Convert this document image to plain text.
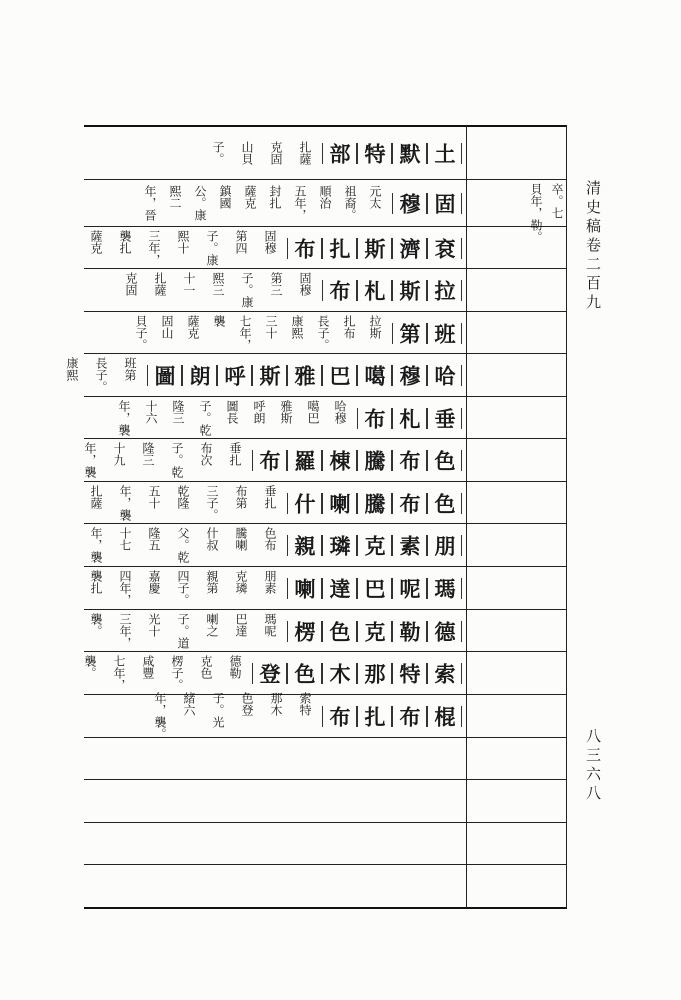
清史稿卷二百九
八三六八
卒。七
貝年，勒。
土
默
特
部
扎薩
克固
山貝
子。
固
穆
元太
祖裔。
順治
五年，
封扎
薩克
鎮國
公。康
熙二
年，晉
袞
濟
斯
扎
布
固穆
第四
子。康
熙十
三年，
襲扎
薩克
拉
斯
札
布
固穆
第三
子。康
熙三
十一
扎薩
克固
班
第
拉斯
扎布
長子。
康熙
三十
七年，
襲
薩克
固山
貝子。
哈
穆
噶
巴
雅
斯
呼
朗
圖
班第
長子。
康熙
垂
札
布
哈穆
噶巴
雅斯
呼朗
圖長
子。乾
隆三
十六
年，襲
色
布
騰
棟
羅
布
垂扎
布次
子。乾
隆三
十九
年，襲
色
布
騰
喇
什
垂扎
布第
三子。
乾隆
五十
年，襲
扎薩
朋
素
克
璘
親
色布
騰喇
什叔
父。乾
隆五
十七
年，襲
瑪
呢
巴
達
喇
朋素
克璘
親第
四子。
嘉慶
四年，
襲扎
德
勒
克
色
楞
瑪呢
巴達
喇之
子。道
光十
三年，
襲。
索
特
那
木
色
登
德勒
克色
楞子。
咸豐
七年，
襲。
棍
布
扎
布
索特
那木
色登
子。光
緒六
年，襲。
